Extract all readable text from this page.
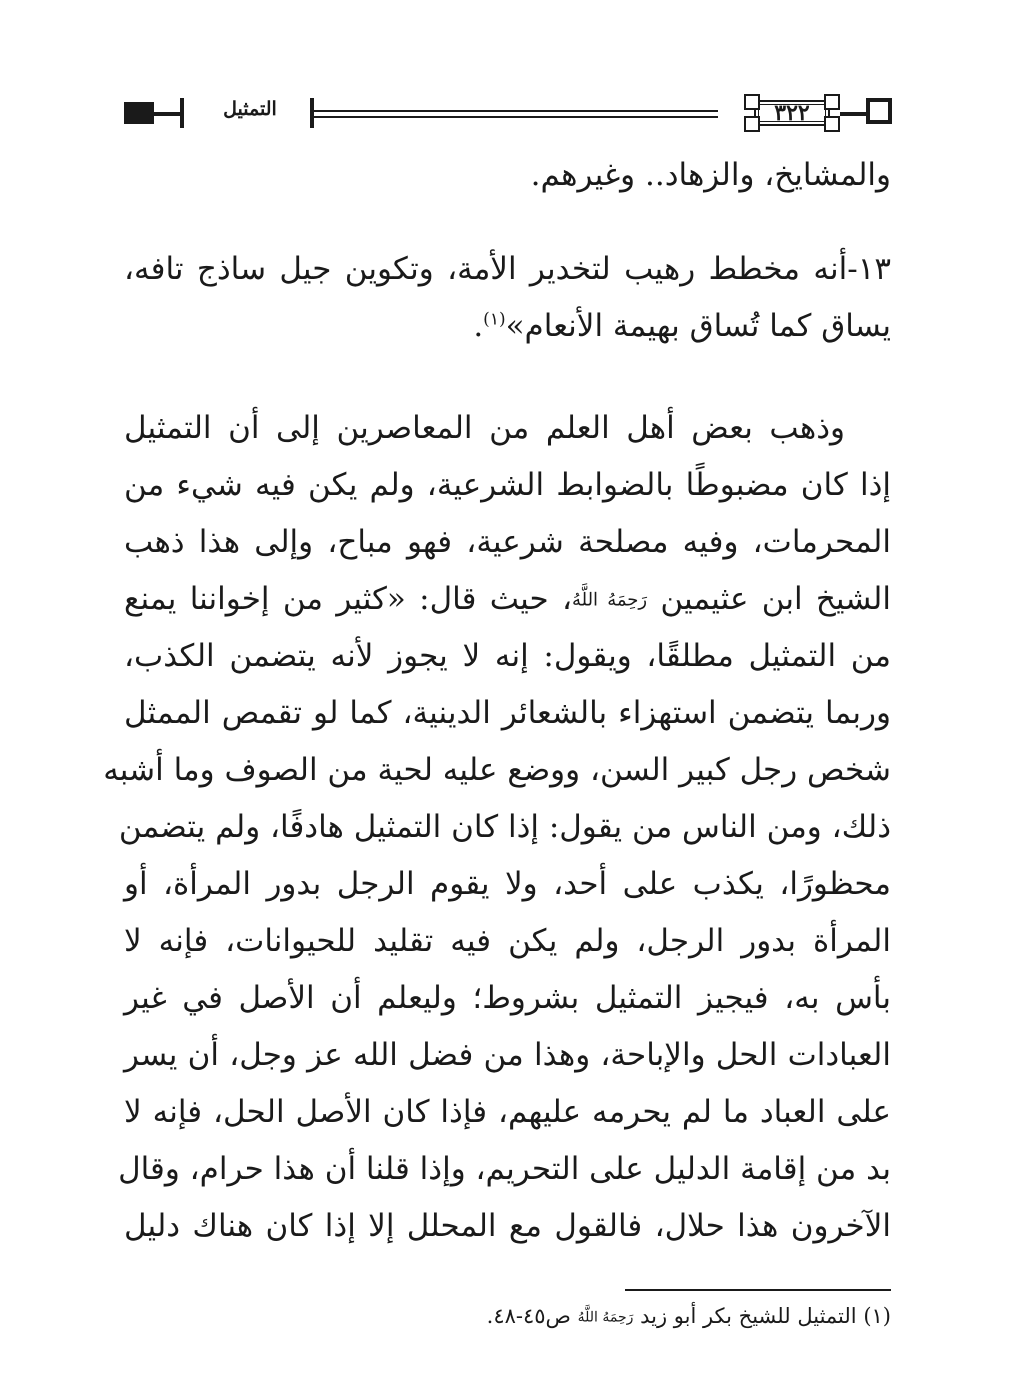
التمثيل	٣٢٢
والمشايخ، والزهاد.. وغيرهم.
١٣-أنه مخطط رهيب لتخدير الأمة، وتكوين جيل ساذج تافه،
يساق كما تُساق بهيمة الأنعام»$^{(١)}$.
وذهب بعض أهل العلم من المعاصرين إلى أن التمثيل
إذا كان مضبوطًا بالضوابط الشرعية، ولم يكن فيه شيء من
المحرمات، وفيه مصلحة شرعية، فهو مباح، وإلى هذا ذهب
الشيخ ابن عثيمين رَحِمَهُ اللَّهُ، حيث قال: «كثير من إخواننا يمنع
من التمثيل مطلقًا، ويقول: إنه لا يجوز لأنه يتضمن الكذب،
وربما يتضمن استهزاء بالشعائر الدينية، كما لو تقمص الممثل
شخص رجل كبير السن، ووضع عليه لحية من الصوف وما أشبه
ذلك، ومن الناس من يقول: إذا كان التمثيل هادفًا، ولم يتضمن
محظورًا، يكذب على أحد، ولا يقوم الرجل بدور المرأة، أو
المرأة بدور الرجل، ولم يكن فيه تقليد للحيوانات، فإنه لا
بأس به، فيجيز التمثيل بشروط؛ وليعلم أن الأصل في غير
العبادات الحل والإباحة، وهذا من فضل الله عز وجل، أن يسر
على العباد ما لم يحرمه عليهم، فإذا كان الأصل الحل، فإنه لا
بد من إقامة الدليل على التحريم، وإذا قلنا أن هذا حرام، وقال
الآخرون هذا حلال، فالقول مع المحلل إلا إذا كان هناك دليل
(١) التمثيل للشيخ بكر أبو زيد رَحِمَهُ اللَّهُ ص٤٥-٤٨.
